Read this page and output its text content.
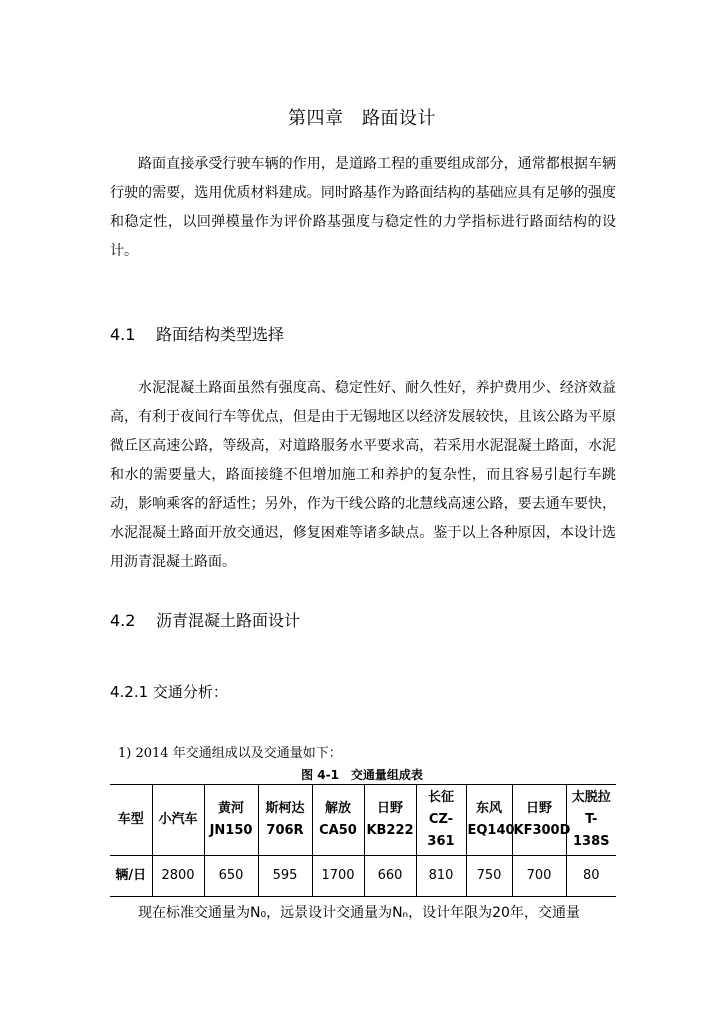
第四章　路面设计
路面直接承受行驶车辆的作用，是道路工程的重要组成部分，通常都根据车辆行驶的需要，选用优质材料建成。同时路基作为路面结构的基础应具有足够的强度和稳定性，以回弹模量作为评价路基强度与稳定性的力学指标进行路面结构的设计。
4.1 路面结构类型选择
水泥混凝土路面虽然有强度高、稳定性好、耐久性好，养护费用少、经济效益高，有利于夜间行车等优点，但是由于无锡地区以经济发展较快，且该公路为平原微丘区高速公路，等级高，对道路服务水平要求高，若采用水泥混凝土路面，水泥和水的需要量大，路面接缝不但增加施工和养护的复杂性，而且容易引起行车跳动，影响乘客的舒适性；另外，作为干线公路的北慧线高速公路，要去通车要快，水泥混凝土路面开放交通迟，修复困难等诸多缺点。鉴于以上各种原因，本设计选用沥青混凝土路面。
4.2 沥青混凝土路面设计
4.2.1 交通分析：
1) 2014 年交通组成以及交通量如下：
图 4-1　交通量组成表
车型	小汽车	黄河JN150	斯柯达706R	解放CA50	日野KB222	长征CZ-361	东风EQ140	日野KF300D	太脱拉T-138S
辆/日	2800	650	595	1700	660	810	750	700	80
现在标准交通量为N₀，远景设计交通量为Nₙ，设计年限为20年，交通量
